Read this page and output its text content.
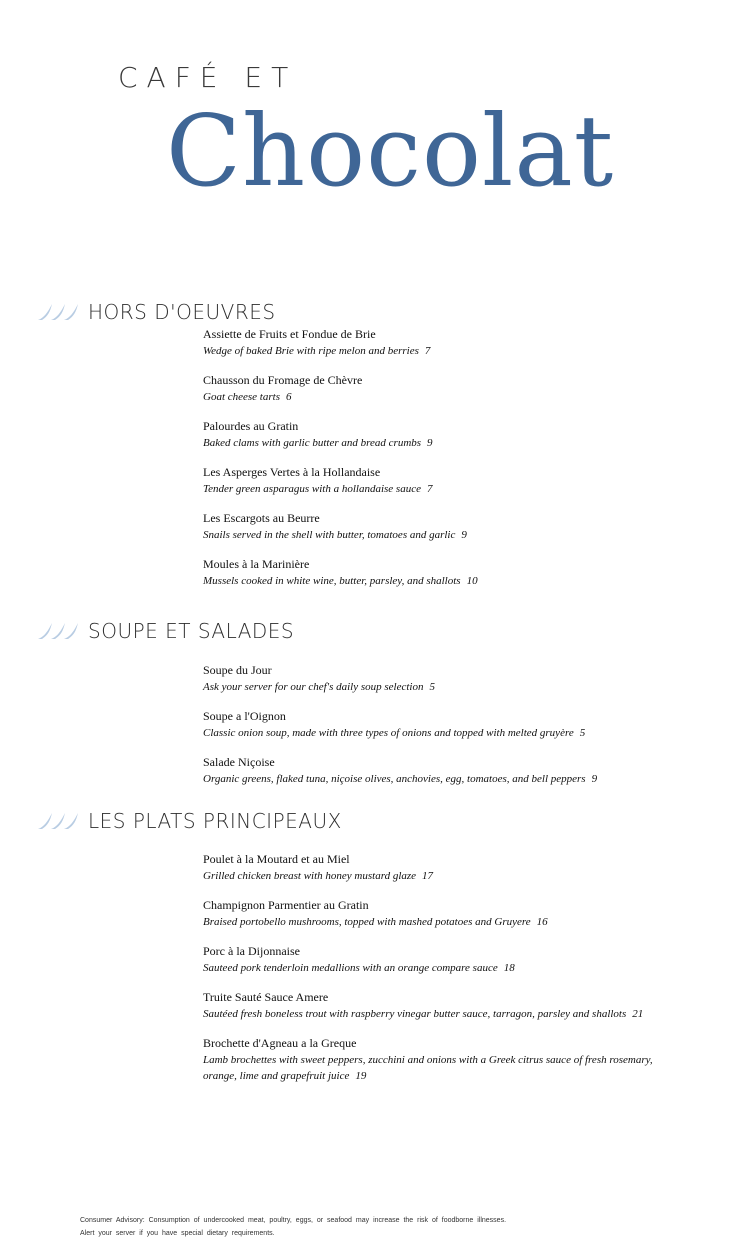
CAFÉ ET
Chocolat
HORS D'OEUVRES
Assiette de Fruits et Fondue de Brie
Wedge of baked Brie with ripe melon and berries 7
Chausson du Fromage de Chèvre
Goat cheese tarts 6
Palourdes au Gratin
Baked clams with garlic butter and bread crumbs 9
Les Asperges Vertes à la Hollandaise
Tender green asparagus with a hollandaise sauce 7
Les Escargots au Beurre
Snails served in the shell with butter, tomatoes and garlic 9
Moules à la Marinière
Mussels cooked in white wine, butter, parsley, and shallots 10
SOUPE ET SALADES
Soupe du Jour
Ask your server for our chef's daily soup selection 5
Soupe a l'Oignon
Classic onion soup, made with three types of onions and topped with melted gruyère 5
Salade Niçoise
Organic greens, flaked tuna, niçoise olives, anchovies, egg, tomatoes, and bell peppers 9
LES PLATS PRINCIPEAUX
Poulet à la Moutard et au Miel
Grilled chicken breast with honey mustard glaze 17
Champignon Parmentier au Gratin
Braised portobello mushrooms, topped with mashed potatoes and Gruyere 16
Porc à la Dijonnaise
Sauteed pork tenderloin medallions with an orange compare sauce 18
Truite Sauté Sauce Amere
Sautéed fresh boneless trout with raspberry vinegar butter sauce, tarragon, parsley and shallots 21
Brochette d'Agneau a la Greque
Lamb brochettes with sweet peppers, zucchini and onions with a Greek citrus sauce of fresh rosemary, orange, lime and grapefruit juice 19
Consumer Advisory: Consumption of undercooked meat, poultry, eggs, or seafood may increase the risk of foodborne illnesses.
Alert your server if you have special dietary requirements.
